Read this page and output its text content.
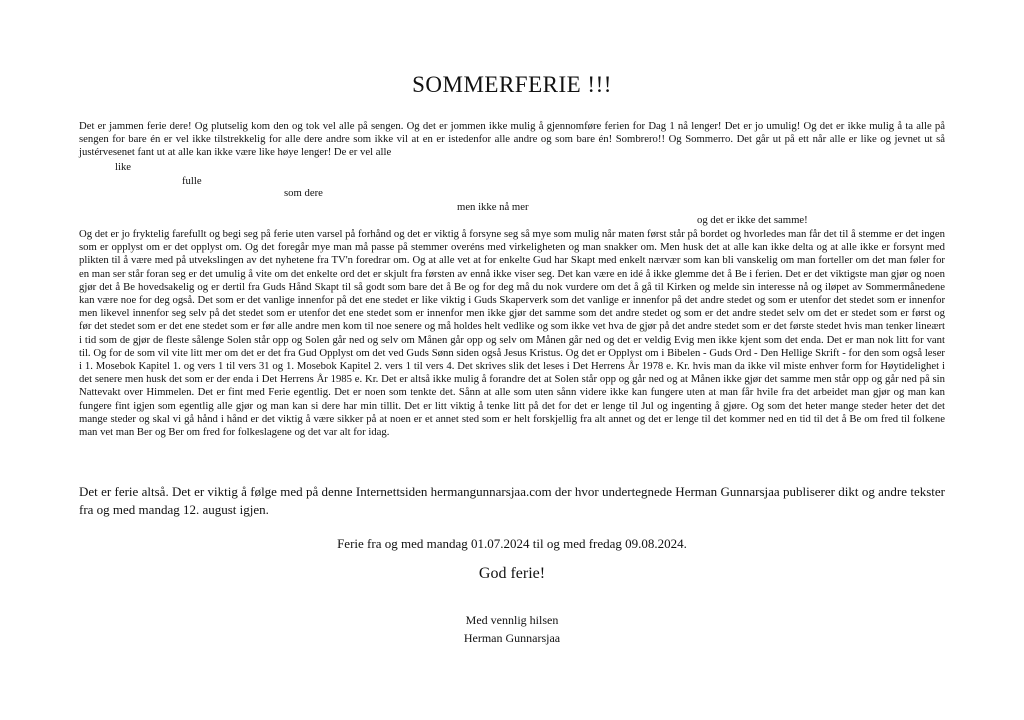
SOMMERFERIE !!!

Det er jammen ferie dere! Og plutselig kom den og tok vel alle på sengen. Og det er jommen ikke mulig å gjennomføre ferien for Dag 1 nå lenger! Det er jo umulig! Og det er ikke mulig å ta alle på sengen for bare én er vel ikke tilstrekkelig for alle dere andre som ikke vil at en er istedenfor alle andre og som bare én! Sombrero!! Og Sommerro. Det går ut på ett når alle er like og jevnet ut så justérvesenet fant ut at alle kan ikke være like høye lenger! De er vel alle

like

fulle

som dere

men ikke nå mer

og det er ikke det samme!

Og det er jo fryktelig farefullt og begi seg på ferie uten varsel på forhånd og det er viktig å forsyne seg så mye som mulig når maten først står på bordet og hvorledes man får det til å stemme er det ingen som er opplyst om er det opplyst om. Og det foregår mye man må passe på stemmer overéns med virkeligheten og man snakker om. Men husk det at alle kan ikke delta og at alle ikke er forsynt med plikten til å være med på utvekslingen av det nyhetene fra TV'n foredrar om. Og at alle vet at for enkelte Gud har Skapt med enkelt nærvær som kan bli vanskelig om man forteller om det man føler for en man ser står foran seg er det umulig å vite om det enkelte ord det er skjult fra førsten av ennå ikke viser seg. Det kan være en idé å ikke glemme det å Be i ferien. Det er det viktigste man gjør og noen gjør det å Be hovedsakelig og er dertil fra Guds Hånd Skapt til så godt som bare det å Be og for deg må du nok vurdere om det å gå til Kirken og melde sin interesse nå og iløpet av Sommermånedene kan være noe for deg også. Det som er det vanlige innenfor på det ene stedet er like viktig i Guds Skaperverk som det vanlige er innenfor på det andre stedet og som er utenfor det stedet som er innenfor men likevel innenfor seg selv på det stedet som er utenfor det ene stedet som er innenfor men ikke gjør det samme som det andre stedet og som er det andre stedet selv om det er stedet som er først og før det stedet som er det ene stedet som er før alle andre men kom til noe senere og må holdes helt vedlike og som ikke vet hva de gjør på det andre stedet som er det første stedet hvis man tenker lineært i tid som de gjør de fleste sålenge Solen står opp og Solen går ned og selv om Månen går opp og selv om Månen går ned og det er veldig Evig men ikke kjent som det enda. Det er man nok litt for vant til. Og for de som vil vite litt mer om det er det fra Gud Opplyst om det ved Guds Sønn siden også Jesus Kristus. Og det er Opplyst om i Bibelen - Guds Ord - Den Hellige Skrift - for den som også leser i 1. Mosebok Kapitel 1. og vers 1 til vers 31 og 1. Mosebok Kapitel 2. vers 1 til vers 4. Det skrives slik det leses i Det Herrens År 1978 e. Kr. hvis man da ikke vil miste enhver form for Høytidelighet i det senere men husk det som er der enda i Det Herrens År 1985 e. Kr. Det er altså ikke mulig å forandre det at Solen står opp og går ned og at Månen ikke gjør det samme men står opp og går ned på sin Nattevakt over Himmelen. Det er fint med Ferie egentlig. Det er noen som tenkte det. Sånn at alle som uten sånn videre ikke kan fungere uten at man får hvile fra det arbeidet man gjør og man kan fungere fint igjen som egentlig alle gjør og man kan si dere har min tillit. Det er litt viktig å tenke litt på det for det er lenge til Jul og ingenting å gjøre. Og som det heter mange steder heter det det mange steder og skal vi gå hånd i hånd er det viktig å være sikker på at noen er et annet sted som er helt forskjellig fra alt annet og det er lenge til det kommer ned en tid til det å Be om fred til folkene man vet man Ber og Ber om fred for folkeslagene og det var alt for idag.

Det er ferie altså. Det er viktig å følge med på denne Internettsiden hermangunnarsjaa.com der hvor undertegnede Herman Gunnarsjaa publiserer dikt og andre tekster fra og med mandag 12. august igjen.

Ferie fra og med mandag 01.07.2024 til og med fredag 09.08.2024.

God ferie!

Med vennlig hilsen
Herman Gunnarsjaa
